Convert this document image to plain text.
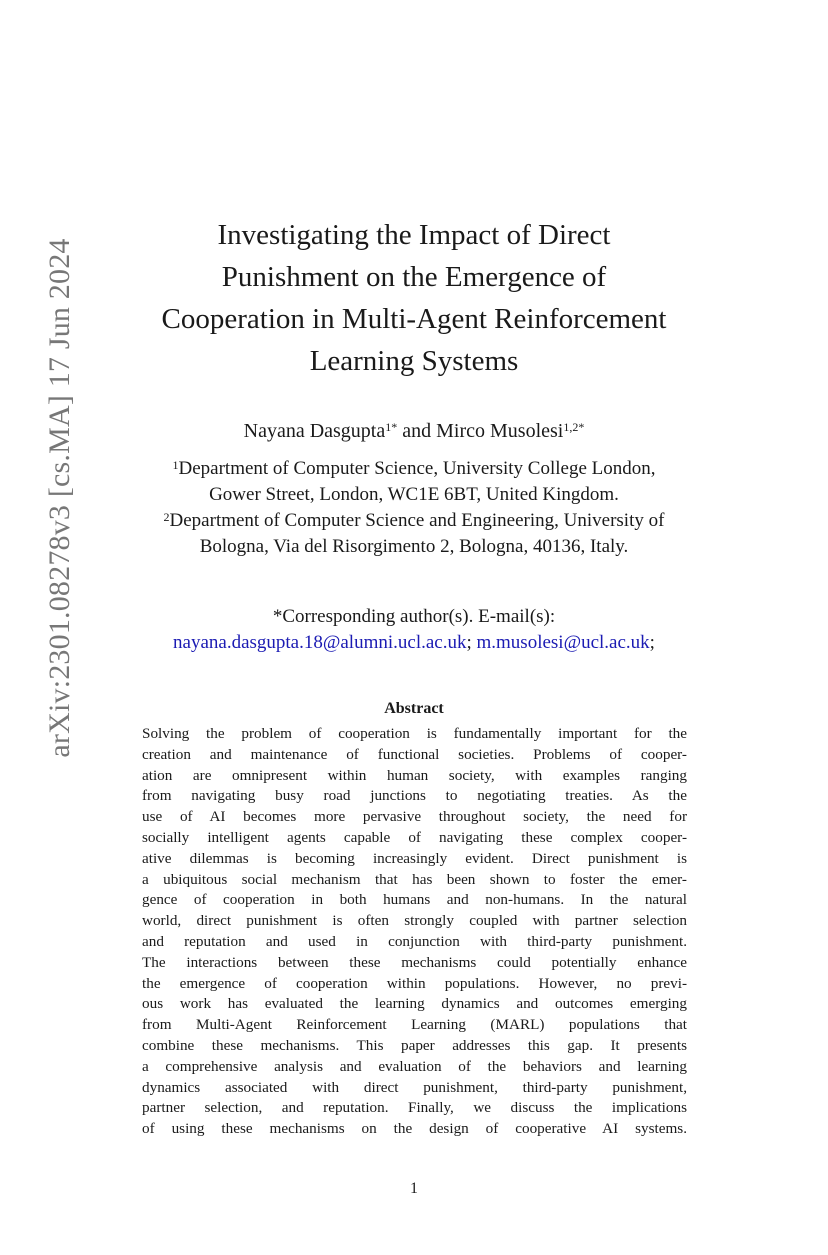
arXiv:2301.08278v3 [cs.MA] 17 Jun 2024
Investigating the Impact of Direct
Punishment on the Emergence of
Cooperation in Multi-Agent Reinforcement
Learning Systems
Nayana Dasgupta$^{1*}$ and Mirco Musolesi$^{1,2*}$
$^1$Department of Computer Science, University College London,
Gower Street, London, WC1E 6BT, United Kingdom.
$^2$Department of Computer Science and Engineering, University of
Bologna, Via del Risorgimento 2, Bologna, 40136, Italy.
*Corresponding author(s). E-mail(s):
nayana.dasgupta.18@alumni.ucl.ac.uk; m.musolesi@ucl.ac.uk;
Abstract
Solving the problem of cooperation is fundamentally important for the
creation and maintenance of functional societies. Problems of cooper-
ation are omnipresent within human society, with examples ranging
from navigating busy road junctions to negotiating treaties. As the
use of AI becomes more pervasive throughout society, the need for
socially intelligent agents capable of navigating these complex cooper-
ative dilemmas is becoming increasingly evident. Direct punishment is
a ubiquitous social mechanism that has been shown to foster the emer-
gence of cooperation in both humans and non-humans. In the natural
world, direct punishment is often strongly coupled with partner selection
and reputation and used in conjunction with third-party punishment.
The interactions between these mechanisms could potentially enhance
the emergence of cooperation within populations. However, no previ-
ous work has evaluated the learning dynamics and outcomes emerging
from Multi-Agent Reinforcement Learning (MARL) populations that
combine these mechanisms. This paper addresses this gap. It presents
a comprehensive analysis and evaluation of the behaviors and learning
dynamics associated with direct punishment, third-party punishment,
partner selection, and reputation. Finally, we discuss the implications
of using these mechanisms on the design of cooperative AI systems.
1
